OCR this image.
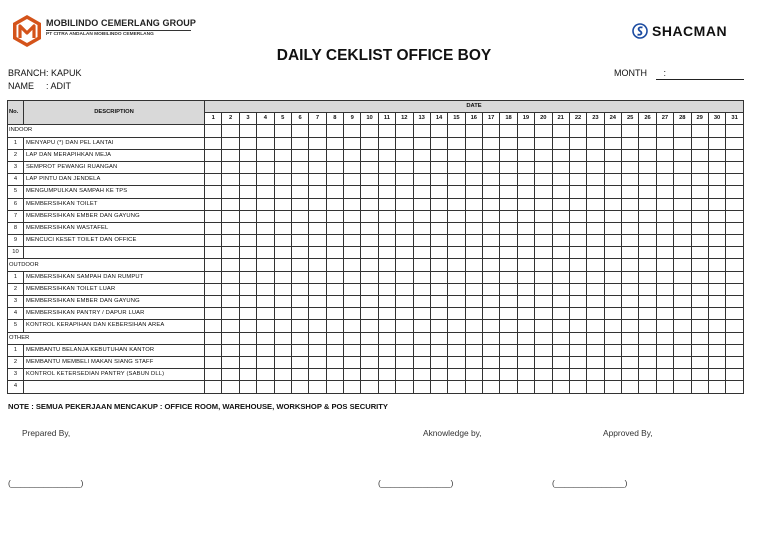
MOBILINDO CEMERLANG GROUP
PT CITRA ANDALAN MOBILINDO CEMERLANG	SHACMAN
DAILY CEKLIST OFFICE BOY
BRANCH: KAPUK
NAME : ADIT
MONTH :
No.	DESCRIPTION	DATE																														
		1	2	3	4	5	6	7	8	9	10	11	12	13	14	15	16	17	18	19	20	21	22	23	24	25	26	27	28	29	30	31
INDOOR																																
1	MENYAPU (*) DAN PEL LANTAI																															
2	LAP DAN MERAPIHKAN MEJA																															
3	SEMPROT PEWANGI RUANGAN																															
4	LAP PINTU DAN JENDELA																															
5	MENGUMPULKAN SAMPAH KE TPS																															
6	MEMBERSIHKAN TOILET																															
7	MEMBERSIHKAN EMBER DAN GAYUNG																															
8	MEMBERSIHKAN WASTAFEL																															
9	MENCUCI KESET TOILET DAN OFFICE																															
10																																
OUTDOOR																																
1	MEMBERSIHKAN SAMPAH DAN RUMPUT																															
2	MEMBERSIHKAN TOILET LUAR																															
3	MEMBERSIHKAN EMBER DAN GAYUNG																															
4	MEMBERSIHKAN PANTRY / DAPUR LUAR																															
5	KONTROL KERAPIHAN DAN KEBERSIHAN AREA																															
OTHER																																
1	MEMBANTU BELANJA KEBUTUHAN KANTOR																															
2	MEMBANTU MEMBELI MAKAN SIANG STAFF																															
3	KONTROL KETERSEDIAN PANTRY (SABUN DLL)																															
4																																
NOTE : SEMUA PEKERJAAN MENCAKUP : OFFICE ROOM, WAREHOUSE, WORKSHOP & POS SECURITY
Prepared By,	Aknowledge by,	Approved By,
(_______________)	(_______________)	(_______________)
